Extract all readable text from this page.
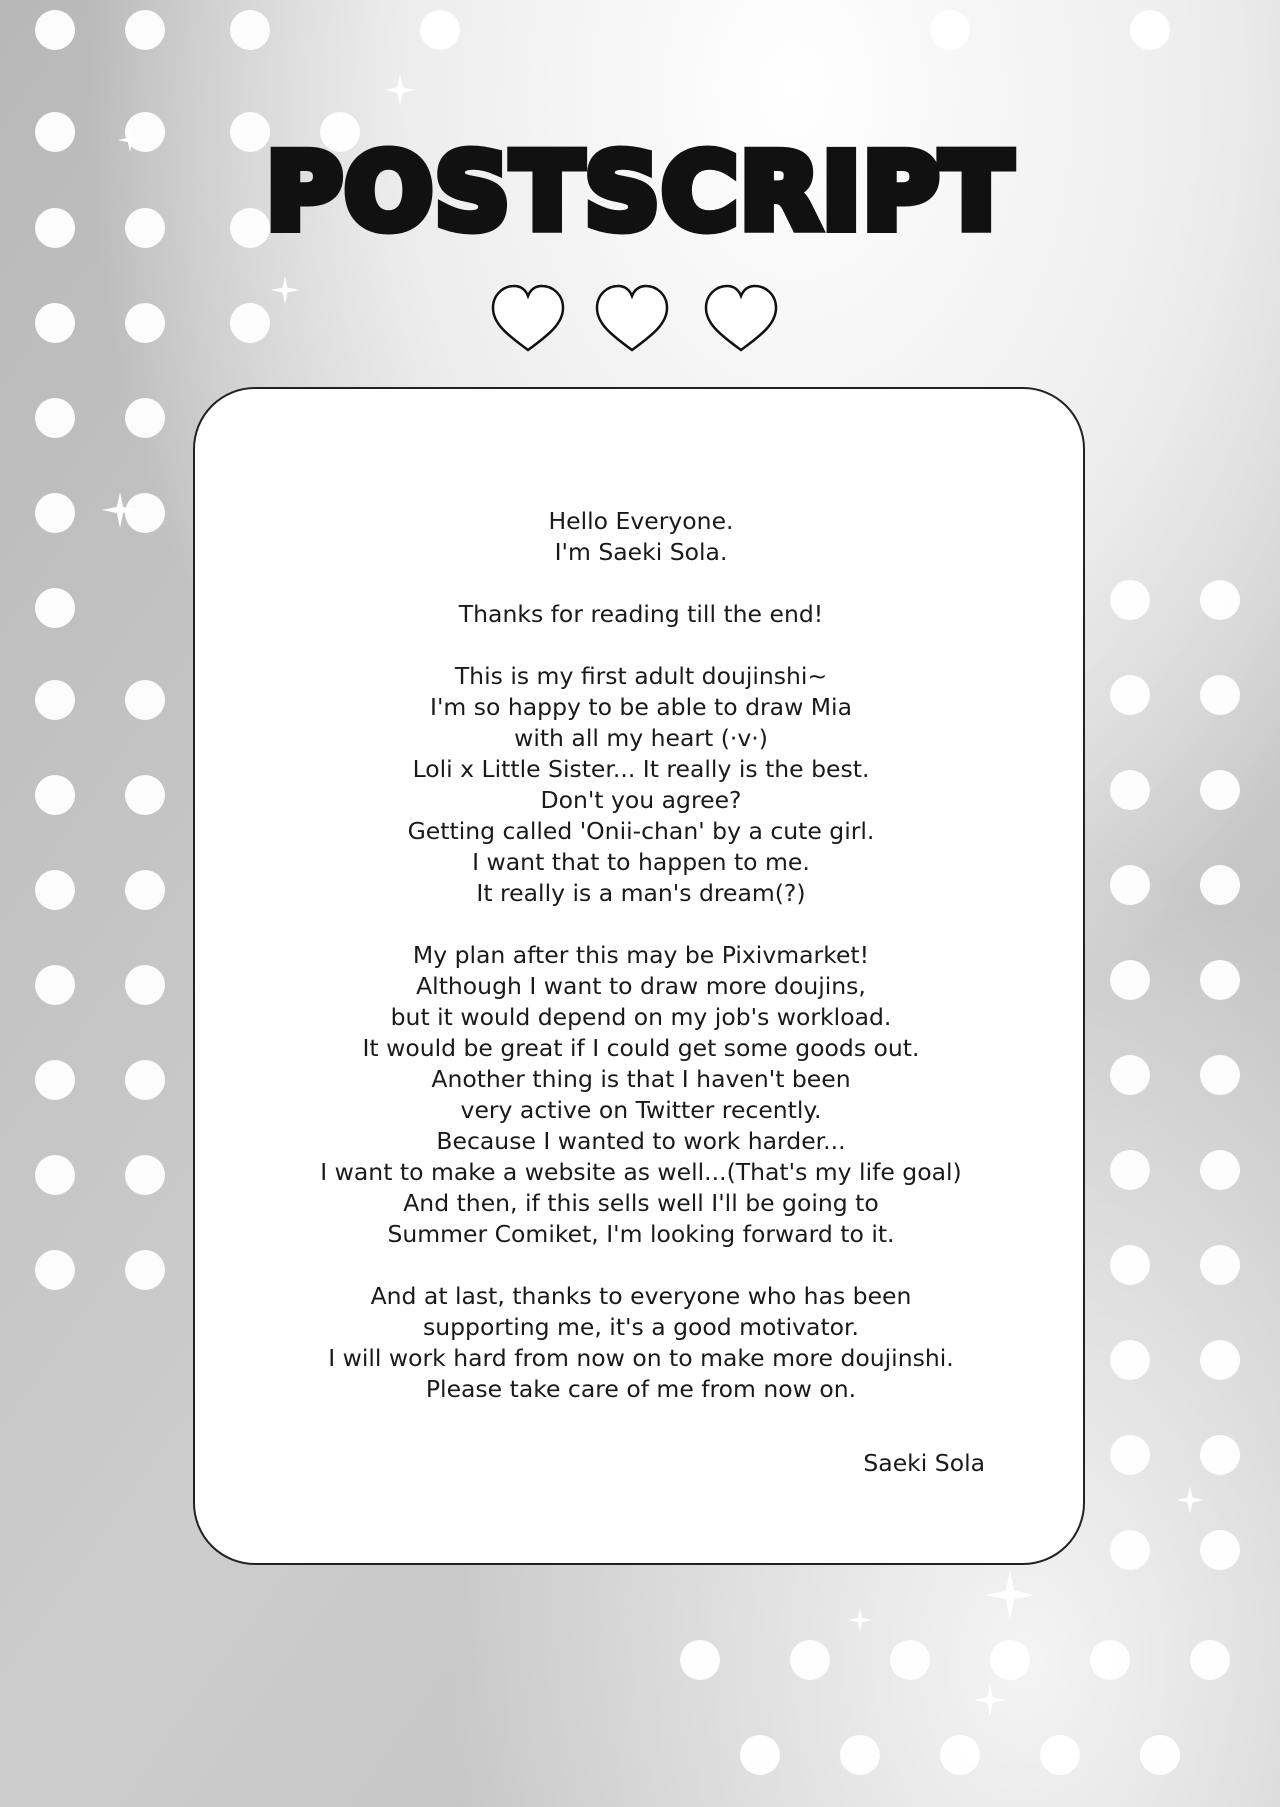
POSTSCRIPT
Hello Everyone.
I'm Saeki Sola.
Thanks for reading till the end!
This is my first adult doujinshi~
I'm so happy to be able to draw Mia
with all my heart (·v·)
Loli x Little Sister... It really is the best.
Don't you agree?
Getting called 'Onii-chan' by a cute girl.
I want that to happen to me.
It really is a man's dream(?)
My plan after this may be Pixivmarket!
Although I want to draw more doujins,
but it would depend on my job's workload.
It would be great if I could get some goods out.
Another thing is that I haven't been
very active on Twitter recently.
Because I wanted to work harder...
I want to make a website as well...(That's my life goal)
And then, if this sells well I'll be going to
Summer Comiket, I'm looking forward to it.
And at last, thanks to everyone who has been
supporting me, it's a good motivator.
I will work hard from now on to make more doujinshi.
Please take care of me from now on.
Saeki Sola
